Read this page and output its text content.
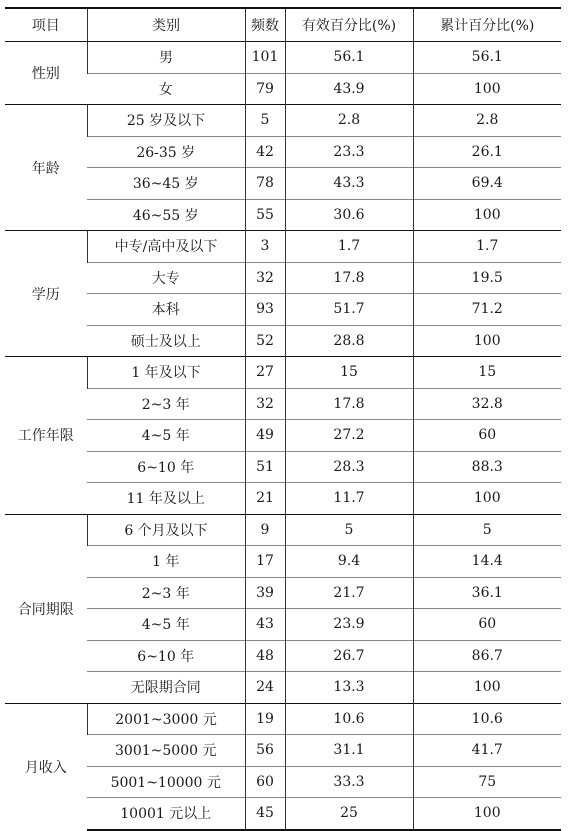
项目	类别	频数	有效百分比(%)	累计百分比(%)
性别	男	101	56.1	56.1
	女	79	43.9	100
年龄	25 岁及以下	5	2.8	2.8
	26-35 岁	42	23.3	26.1
	36~45 岁	78	43.3	69.4
	46~55 岁	55	30.6	100
学历	中专/高中及以下	3	1.7	1.7
	大专	32	17.8	19.5
	本科	93	51.7	71.2
	硕士及以上	52	28.8	100
工作年限	1 年及以下	27	15	15
	2~3 年	32	17.8	32.8
	4~5 年	49	27.2	60
	6~10 年	51	28.3	88.3
	11 年及以上	21	11.7	100
合同期限	6 个月及以下	9	5	5
	1 年	17	9.4	14.4
	2~3 年	39	21.7	36.1
	4~5 年	43	23.9	60
	6~10 年	48	26.7	86.7
	无限期合同	24	13.3	100
月收入	2001~3000 元	19	10.6	10.6
	3001~5000 元	56	31.1	41.7
	5001~10000 元	60	33.3	75
	10001 元以上	45	25	100
